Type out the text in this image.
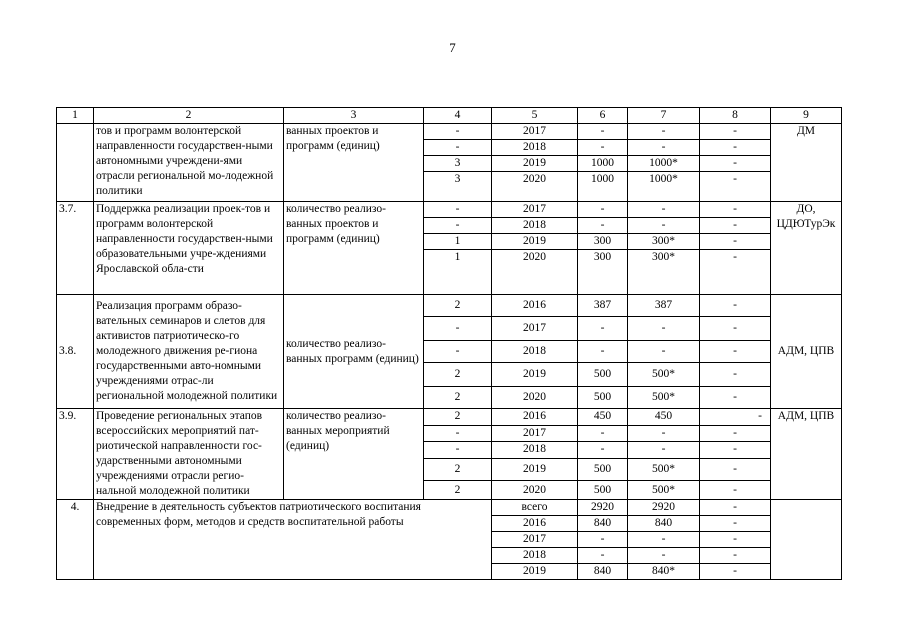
7
1	2	3	4	5	6	7	8	9
	тов и программ волонтерской направленности государствен-ными автономными учреждени-ями отрасли региональной мо-лодежной политики	ванных проектов и программ (единиц)	-	2017	-	-	-	ДМ
			-	2018	-	-	-	
			3	2019	1000	1000*	-	
			3	2020	1000	1000*	-	
3.7.	Поддержка реализации проек-тов и программ волонтерской направленности государствен-ными образовательными учре-ждениями Ярославской обла-сти	количество реализо-ванных проектов и программ (единиц)	-	2017	-	-	-	ДО, ЦДЮТурЭк
			-	2018	-	-	-	
			1	2019	300	300*	-	
			1	2020	300	300*	-	
3.8.	Реализация программ образо-вательных семинаров и слетов для активистов патриотическо-го молодежного движения ре-гиона государственными авто-номными учреждениями отрас-ли региональной молодежной политики	количество реализо-ванных программ (единиц)	2	2016	387	387	-	АДМ, ЦПВ
			-	2017	-	-	-	
			-	2018	-	-	-	
			2	2019	500	500*	-	
			2	2020	500	500*	-	
3.9.	Проведение региональных этапов всероссийских мероприятий пат-риотической направленности гос-ударственными автономными учреждениями отрасли регио-нальной молодежной политики	количество реализо-ванных мероприятий (единиц)	2	2016	450	450	-	АДМ, ЦПВ
			-	2017	-	-	-	
			-	2018	-	-	-	
			2	2019	500	500*	-	
			2	2020	500	500*	-	
4.	Внедрение в деятельность субъектов патриотического воспитания современных форм, методов и средств воспитательной работы			всего	2920	2920	-	
				2016	840	840	-	
				2017	-	-	-	
				2018	-	-	-	
				2019	840	840*	-	
